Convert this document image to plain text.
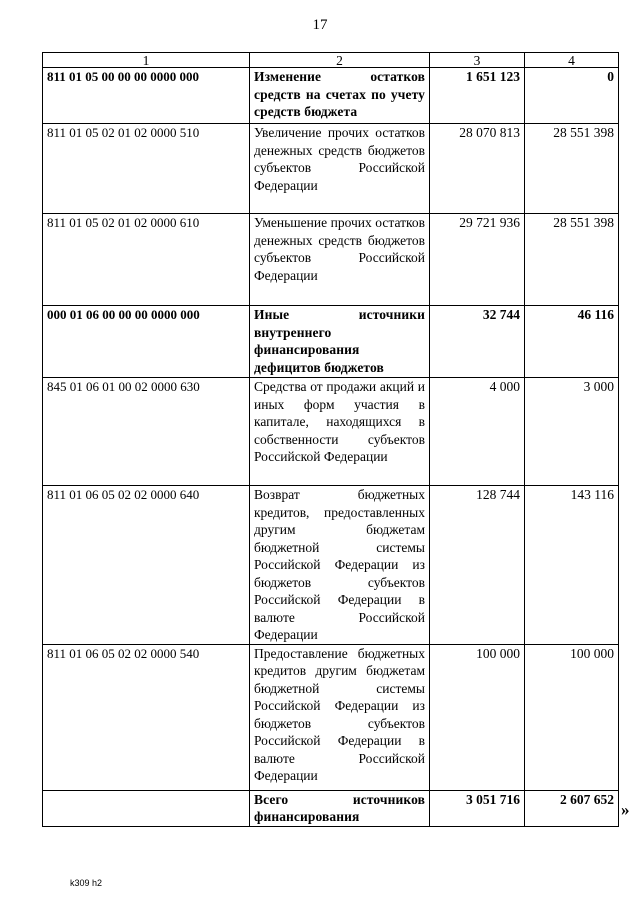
17
1	2	3	4
811 01 05 00 00 00 0000 000	Изменение остатков средств на счетах по учету средств бюджета	1 651 123	0
811 01 05 02 01 02 0000 510	Увеличение прочих остатков денежных средств бюджетов субъектов Российской Федерации	28 070 813	28 551 398
811 01 05 02 01 02 0000 610	Уменьшение прочих остатков денежных средств бюджетов субъектов Российской Федерации	29 721 936	28 551 398
000 01 06 00 00 00 0000 000	Иные источники внутреннего финансирования дефицитов бюджетов	32 744	46 116
845 01 06 01 00 02 0000 630	Средства от продажи акций и иных форм участия в капитале, находящихся в собственности субъектов Российской Федерации	4 000	3 000
811 01 06 05 02 02 0000 640	Возврат бюджетных кредитов, предоставленных другим бюджетам бюджетной системы Российской Федерации из бюджетов субъектов Российской Федерации в валюте Российской Федерации	128 744	143 116
811 01 06 05 02 02 0000 540	Предоставление бюджетных кредитов другим бюджетам бюджетной системы Российской Федерации из бюджетов субъектов Российской Федерации в валюте Российской Федерации	100 000	100 000
	Всего источников финансирования	3 051 716	2 607 652
»
k309 h2
